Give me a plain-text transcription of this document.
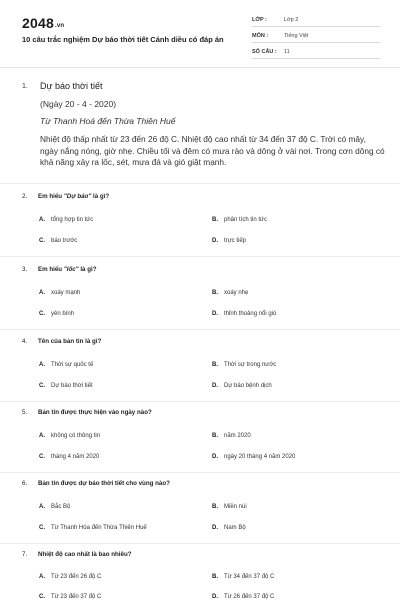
2048.vn
10 câu trắc nghiệm Dự báo thời tiết Cánh diều có đáp án
LỚP :	Lớp 2
MÔN :	Tiếng Việt
SỐ CÂU :	11
1. Dự báo thời tiết
(Ngày 20 - 4 - 2020)
Từ Thanh Hoá đến Thừa Thiên Huế
Nhiệt độ thấp nhất từ 23 đến 26 độ C. Nhiệt độ cao nhất từ 34 đến 37 độ C. Trời có mây, ngày nắng nóng, giờ nhẹ. Chiều tối và đêm có mưa rào và dông ở vài nơi. Trong cơn dông có khả năng xảy ra lốc, sét, mưa đá và gió giật mạnh.
2. Em hiểu "Dự báo" là gì?
A. tổng hợp tin tức	B. phân tích tin tức
C. báo trước	D. trực tiếp
3. Em hiểu "lốc" là gì?
A. xoáy mạnh	B. xoáy nhẹ
C. yên bình	D. thỉnh thoảng nổi gió
4. Tên của bản tin là gì?
A. Thời sự quốc tế	B. Thời sự trong nước
C. Dự báo thời tiết	D. Dự báo bệnh dịch
5. Bản tin được thực hiện vào ngày nào?
A. không có thông tin	B. năm 2020
C. tháng 4 năm 2020	D. ngày 20 tháng 4 năm 2020
6. Bản tin được dự báo thời tiết cho vùng nào?
A. Bắc Bộ	B. Miền núi
C. Từ Thanh Hóa đến Thừa Thiên Huế	D. Nam Bộ
7. Nhiệt độ cao nhất là bao nhiêu?
A. Từ 23 đến 26 độ C	B. Từ 34 đến 37 độ C
C. Từ 23 đến 37 độ C	D. Từ 26 đến 37 độ C
